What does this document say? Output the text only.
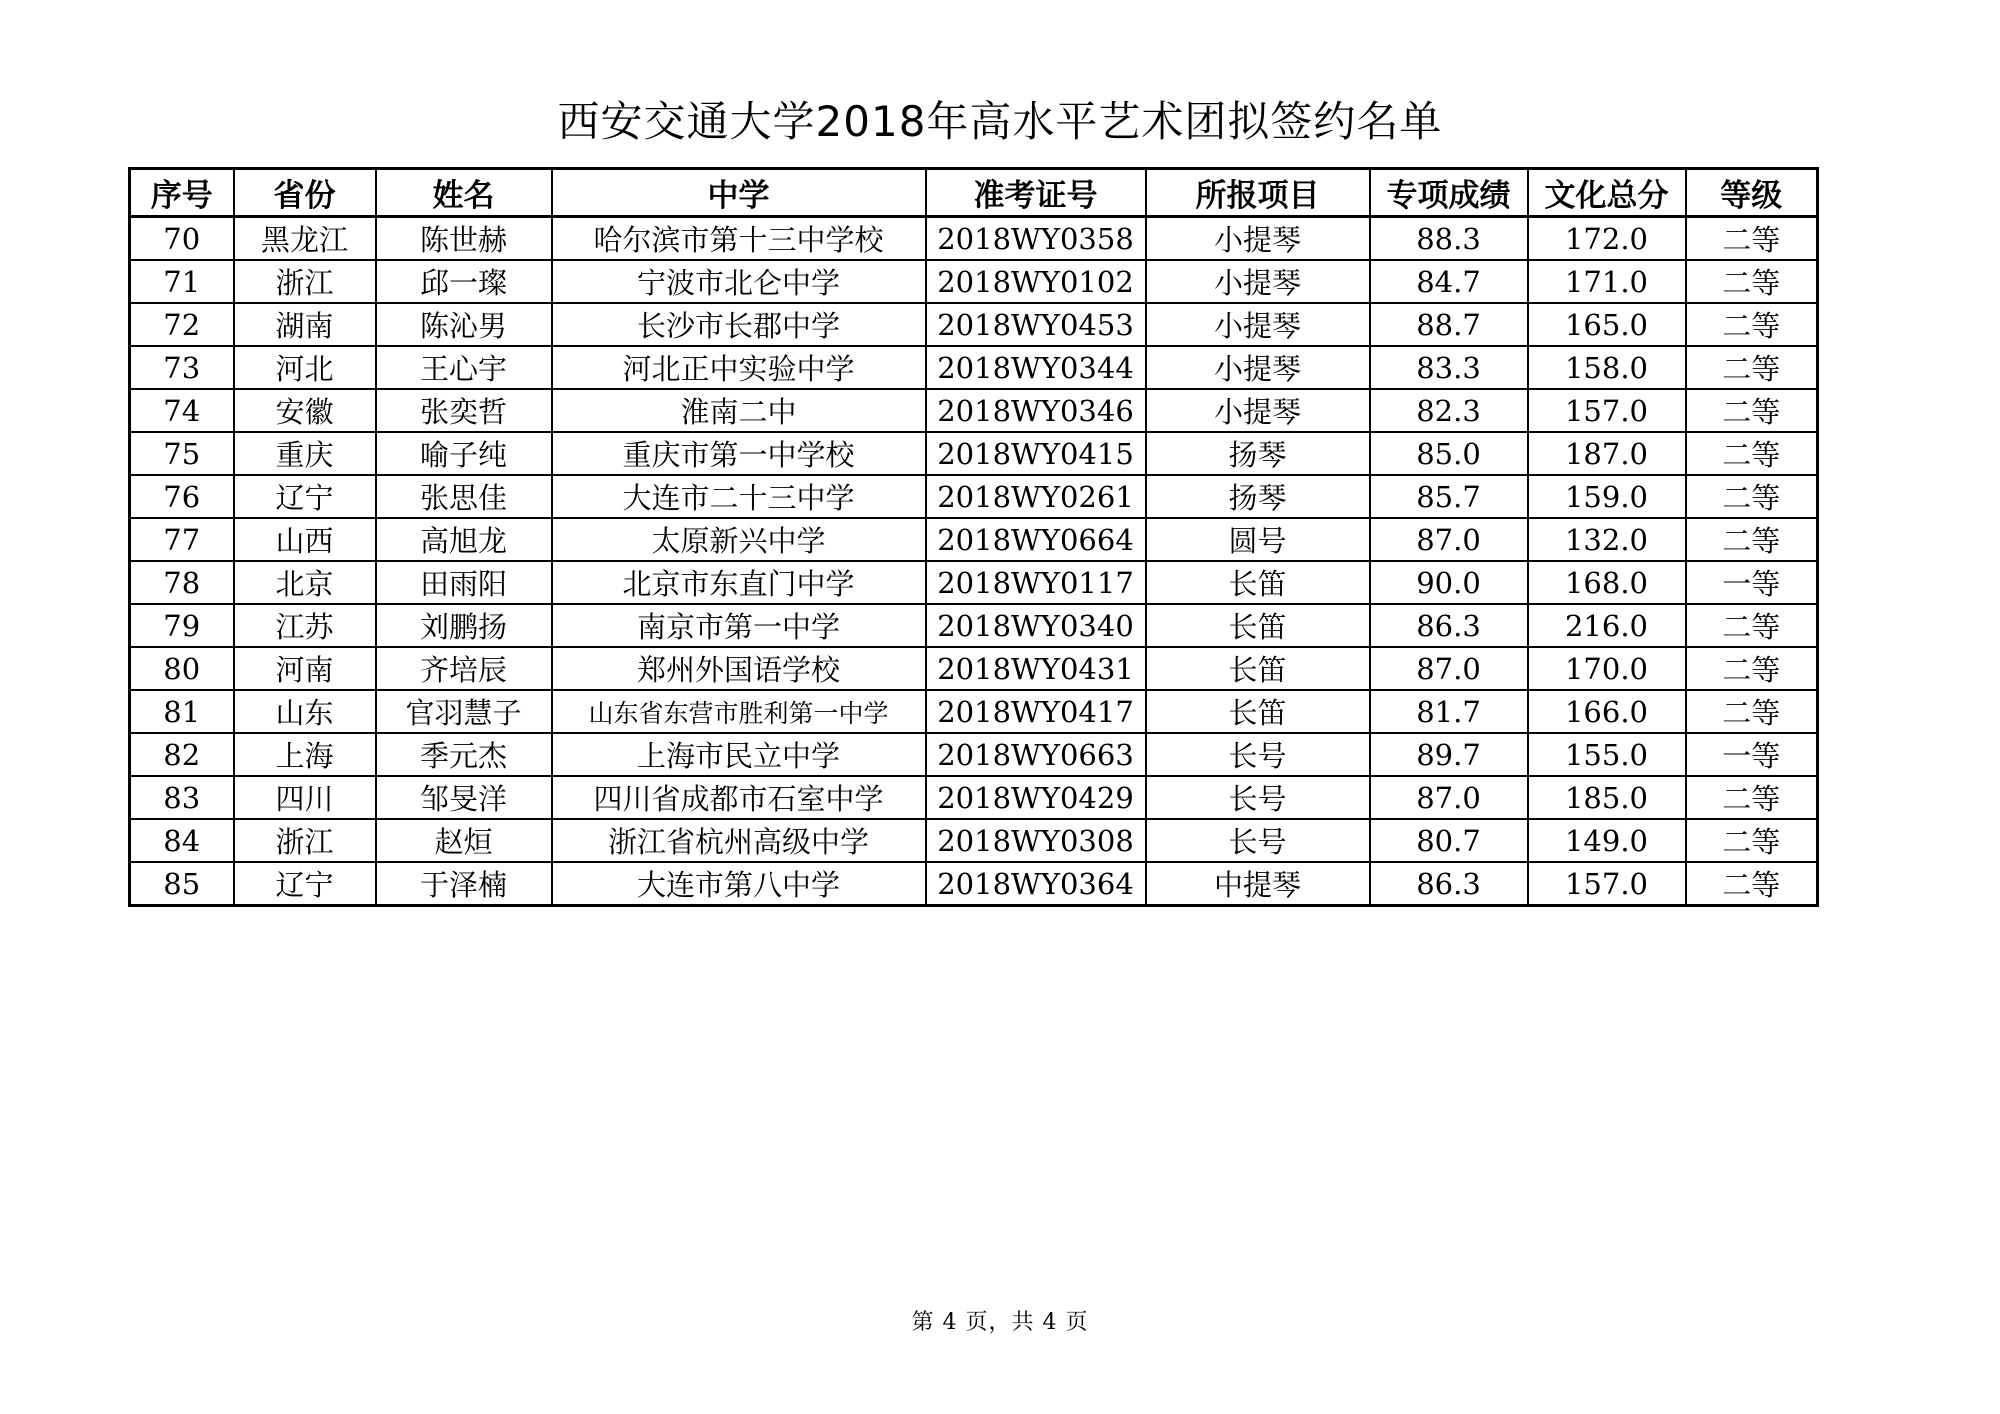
西安交通大学2018年高水平艺术团拟签约名单
序号	省份	姓名	中学	准考证号	所报项目	专项成绩	文化总分	等级
70	黑龙江	陈世赫	哈尔滨市第十三中学校	2018WY0358	小提琴	88.3	172.0	二等
71	浙江	邱一璨	宁波市北仑中学	2018WY0102	小提琴	84.7	171.0	二等
72	湖南	陈沁男	长沙市长郡中学	2018WY0453	小提琴	88.7	165.0	二等
73	河北	王心宇	河北正中实验中学	2018WY0344	小提琴	83.3	158.0	二等
74	安徽	张奕哲	淮南二中	2018WY0346	小提琴	82.3	157.0	二等
75	重庆	喻子纯	重庆市第一中学校	2018WY0415	扬琴	85.0	187.0	二等
76	辽宁	张思佳	大连市二十三中学	2018WY0261	扬琴	85.7	159.0	二等
77	山西	高旭龙	太原新兴中学	2018WY0664	圆号	87.0	132.0	二等
78	北京	田雨阳	北京市东直门中学	2018WY0117	长笛	90.0	168.0	一等
79	江苏	刘鹏扬	南京市第一中学	2018WY0340	长笛	86.3	216.0	二等
80	河南	齐培辰	郑州外国语学校	2018WY0431	长笛	87.0	170.0	二等
81	山东	官羽慧子	山东省东营市胜利第一中学	2018WY0417	长笛	81.7	166.0	二等
82	上海	季元杰	上海市民立中学	2018WY0663	长号	89.7	155.0	一等
83	四川	邹旻洋	四川省成都市石室中学	2018WY0429	长号	87.0	185.0	二等
84	浙江	赵烜	浙江省杭州高级中学	2018WY0308	长号	80.7	149.0	二等
85	辽宁	于泽楠	大连市第八中学	2018WY0364	中提琴	86.3	157.0	二等
第 4 页，共 4 页
